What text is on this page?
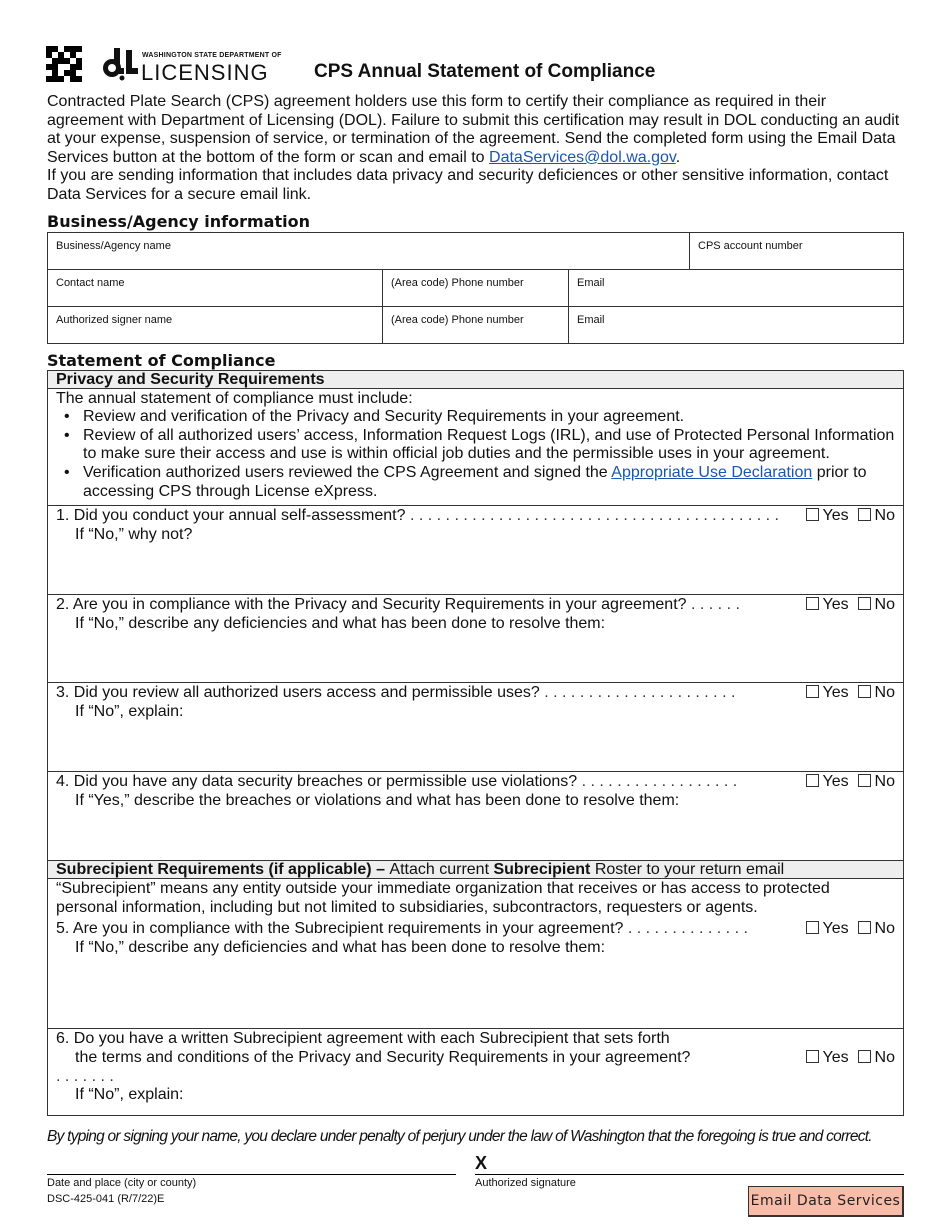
WASHINGTON STATE DEPARTMENT OF
LICENSING CPS Annual Statement of Compliance
Contracted Plate Search (CPS) agreement holders use this form to certify their compliance as required in their agreement with Department of Licensing (DOL). Failure to submit this certification may result in DOL conducting an audit at your expense, suspension of service, or termination of the agreement. Send the completed form using the Email Data Services button at the bottom of the form or scan and email to DataServices@dol.wa.gov.
If you are sending information that includes data privacy and security deficiences or other sensitive information, contact Data Services for a secure email link.
Business/Agency information
Business/Agency name			CPS account number
Contact name	(Area code) Phone number	Email	
Authorized signer name	(Area code) Phone number	Email	
Statement of Compliance
Privacy and Security Requirements
The annual statement of compliance must include:
•   Review and verification of the Privacy and Security Requirements in your agreement.
•   Review of all authorized users’ access, Information Request Logs (IRL), and use of Protected Personal Information to make sure their access and use is within official job duties and the permissible uses in your agreement.
•   Verification authorized users reviewed the CPS Agreement and signed the Appropriate Use Declaration prior to accessing CPS through License eXpress.
1. Did you conduct your annual self-assessment? . . . . . . . . . . . . . . . . . . . . . . . . . . . . . . . . . . . . . . . . . .
If “No,” why not?
Yes No
2. Are you in compliance with the Privacy and Security Requirements in your agreement? . . . . . .
If “No,” describe any deficiencies and what has been done to resolve them:
Yes No
3. Did you review all authorized users access and permissible uses? . . . . . . . . . . . . . . . . . . . . . .
If “No”, explain:
Yes No
4. Did you have any data security breaches or permissible use violations? . . . . . . . . . . . . . . . . . .
If “Yes,” describe the breaches or violations and what has been done to resolve them:
Yes No
Subrecipient Requirements (if applicable) – Attach current Subrecipient Roster to your return email
“Subrecipient” means any entity outside your immediate organization that receives or has access to protected personal information, including but not limited to subsidiaries, subcontractors, requesters or agents.
5. Are you in compliance with the Subrecipient requirements in your agreement? . . . . . . . . . . . . . .
If “No,” describe any deficiencies and what has been done to resolve them:
Yes No
6. Do you have a written Subrecipient agreement with each Subrecipient that sets forth
the terms and conditions of the Privacy and Security Requirements in your agreement?
. . . . . . .
If “No”, explain:
Yes No
By typing or signing your name, you declare under penalty of perjury under the law of Washington that the foregoing is true and correct.
X
Date and place (city or county)	Authorized signature
DSC-425-041 (R/7/22)E	Email Data Services
